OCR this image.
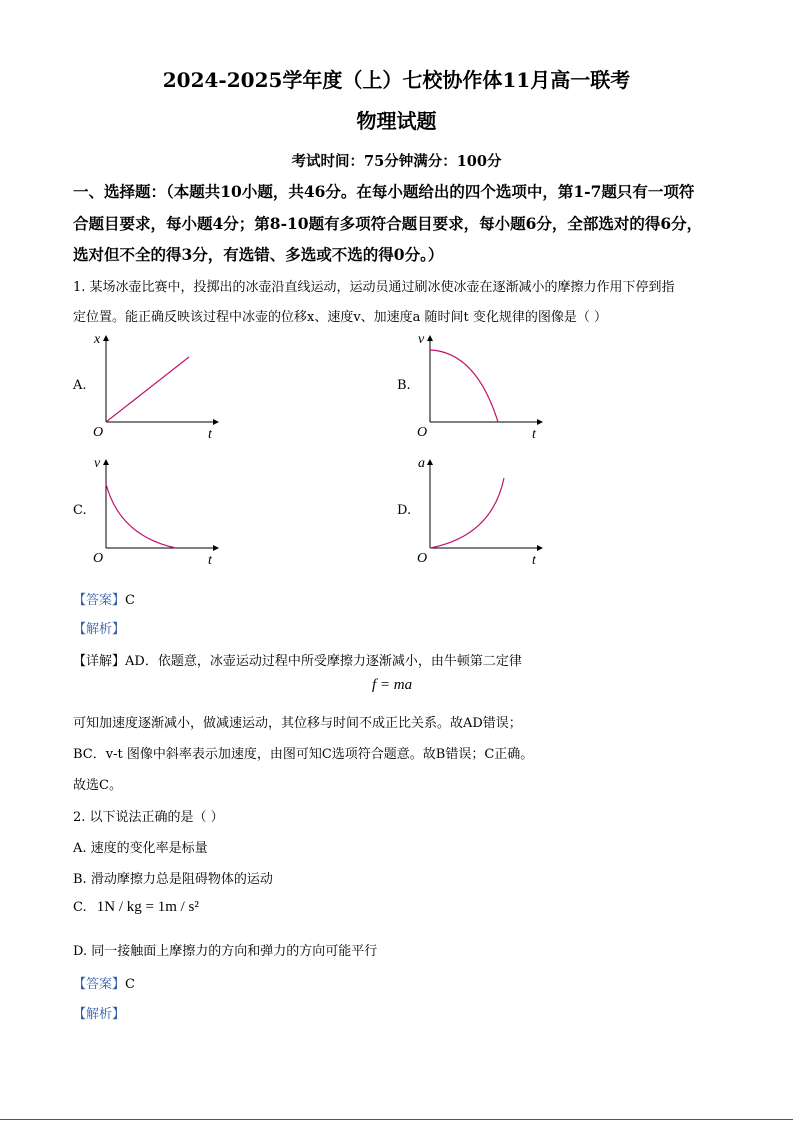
2024-2025学年度（上）七校协作体11月高一联考
物理试题
考试时间：75分钟满分：100分
一、选择题：（本题共10小题，共46分。在每小题给出的四个选项中，第1-7题只有一项符
合题目要求，每小题4分；第8-10题有多项符合题目要求，每小题6分，全部选对的得6分，
选对但不全的得3分，有选错、多选或不选的得0分。）
1. 某场冰壶比赛中，投掷出的冰壶沿直线运动，运动员通过刷冰使冰壶在逐渐减小的摩擦力作用下停到指
定位置。能正确反映该过程中冰壶的位移x、速度v、加速度a 随时间t 变化规律的图像是（ ）
A.	B.
C.	D.
x
O	t
v
O	t
v
O	t
a
O	t
【答案】C
【解析】
【详解】AD．依题意，冰壶运动过程中所受摩擦力逐渐减小，由牛顿第二定律
f = ma
可知加速度逐渐减小，做减速运动，其位移与时间不成正比关系。故AD错误；
BC．v-t 图像中斜率表示加速度，由图可知C选项符合题意。故B错误；C正确。
故选C。
2. 以下说法正确的是（ ）
A. 速度的变化率是标量
B. 滑动摩擦力总是阻碍物体的运动
C. 1N / kg = 1m / s²
D. 同一接触面上摩擦力的方向和弹力的方向可能平行
【答案】C
【解析】
